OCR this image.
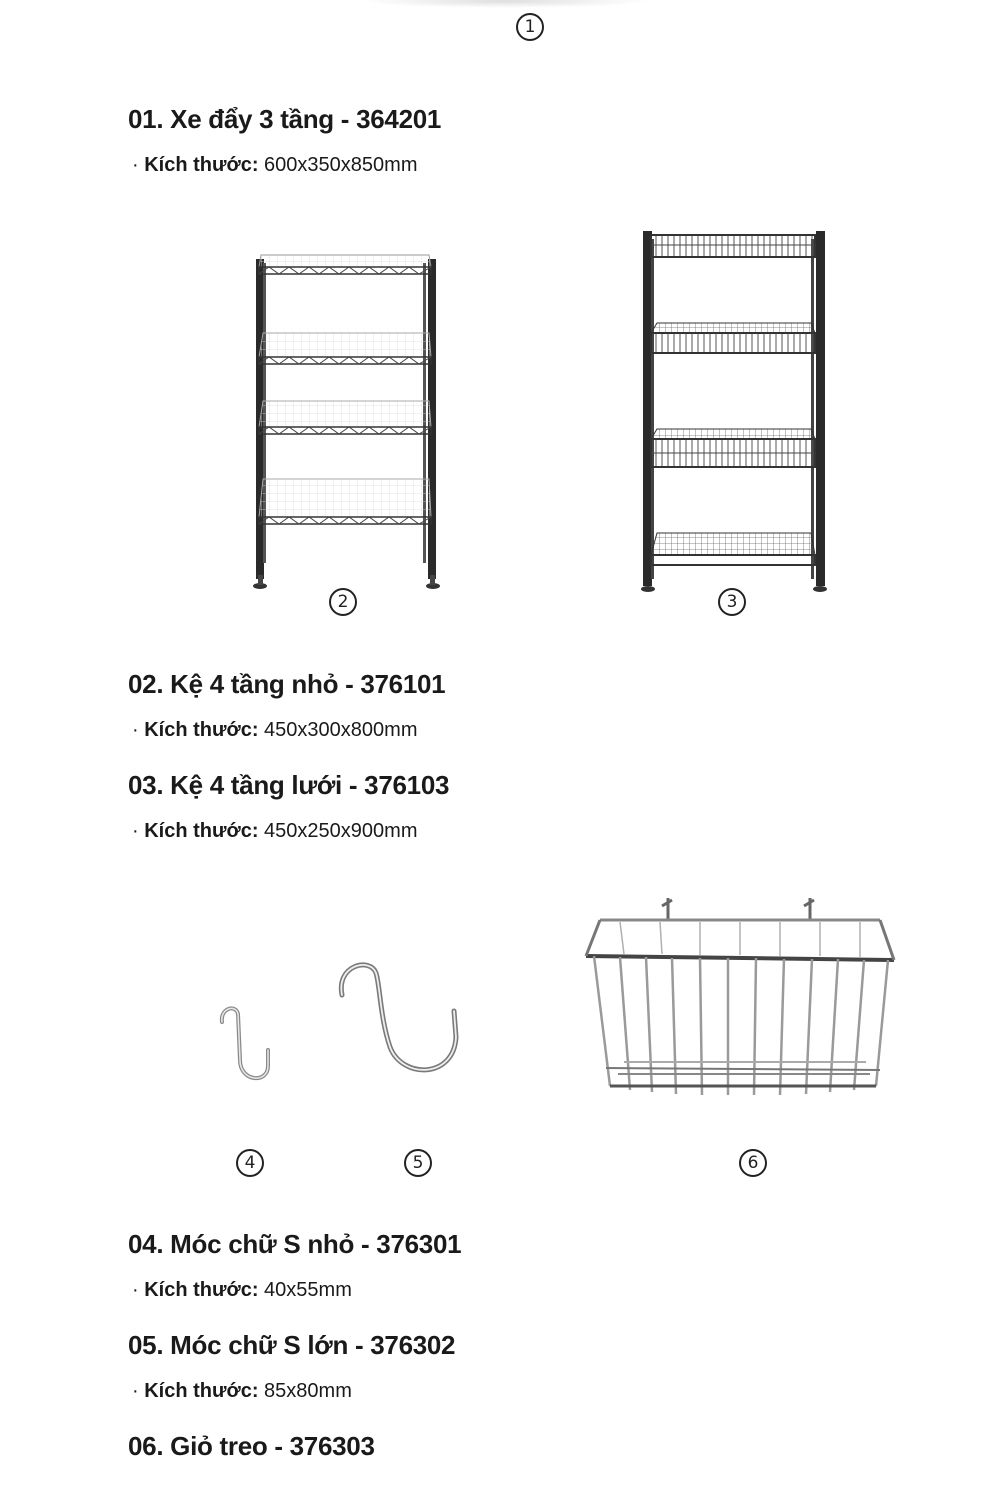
1
01. Xe đẩy 3 tầng - 364201
· Kích thước: 600x350x850mm
2	3
02. Kệ 4 tầng nhỏ - 376101
· Kích thước: 450x300x800mm
03. Kệ 4 tầng lưới - 376103
· Kích thước: 450x250x900mm
4	5	6
04. Móc chữ S nhỏ - 376301
· Kích thước: 40x55mm
05. Móc chữ S lớn - 376302
· Kích thước: 85x80mm
06. Giỏ treo - 376303
